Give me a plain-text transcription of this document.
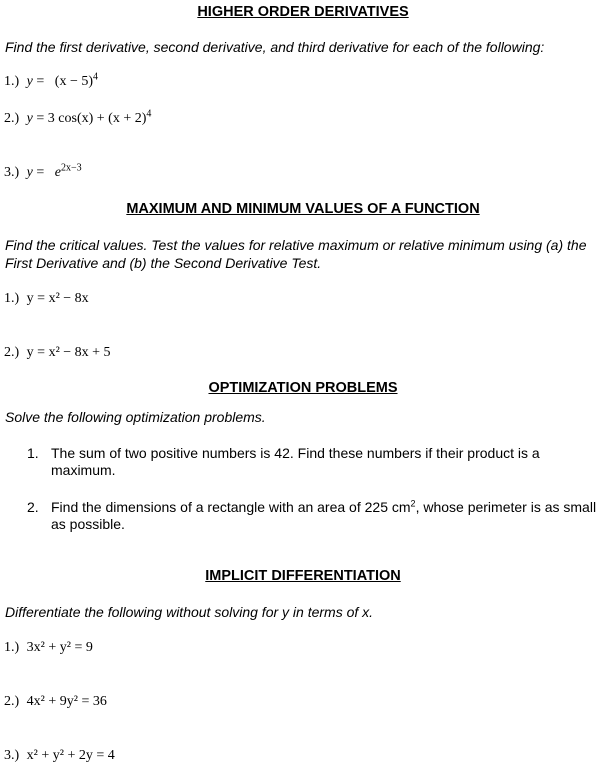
HIGHER ORDER DERIVATIVES
Find the first derivative, second derivative, and third derivative for each of the following:
1.) $y = (x - 5)^4$
2.) y = 3 $\cos(x) + (x + 2)^4$
3.) $y = e^{2x-3}$
MAXIMUM AND MINIMUM VALUES OF A FUNCTION
Find the critical values. Test the values for relative maximum or relative minimum using (a) the First Derivative and (b) the Second Derivative Test.
1.) y = x² − 8x
2.) y = x² − 8x + 5
OPTIMIZATION PROBLEMS
Solve the following optimization problems.
1. The sum of two positive numbers is 42. Find these numbers if their product is a maximum.
2. Find the dimensions of a rectangle with an area of 225 $cm^2$, whose perimeter is as small as possible.
IMPLICIT DIFFERENTIATION
Differentiate the following without solving for y in terms of x.
1.) 3x² + y² = 9
2.) 4x² + 9y² = 36
3.) x² + y² + 2y = 4
